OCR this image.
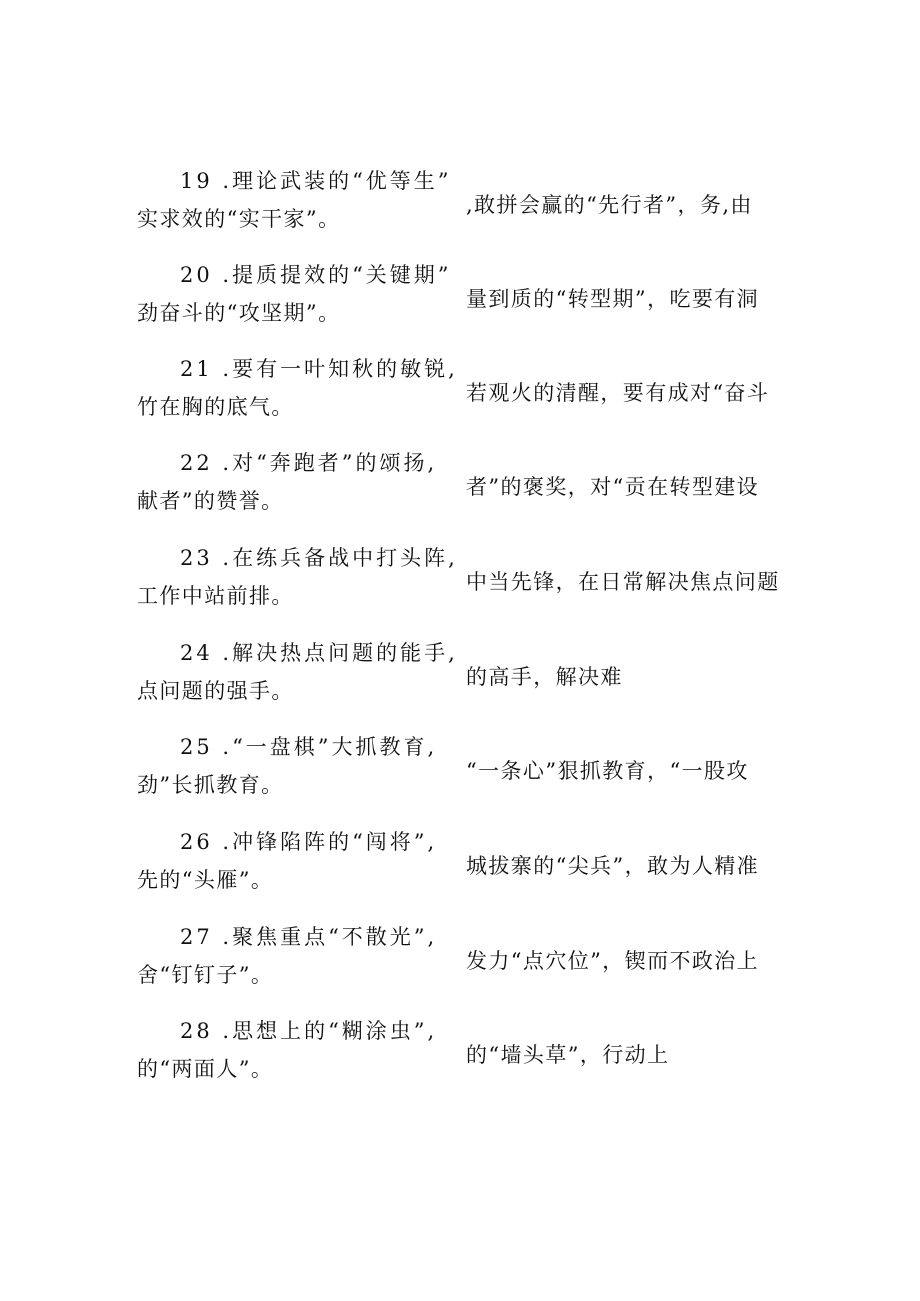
19 .理论武装的“优等生”
,敢拼会赢的“先行者”，务,由
实求效的“实干家”。
20 .提质提效的“关键期”
量到质的“转型期”，吃要有洞
劲奋斗的“攻坚期”。
21 .要有一叶知秋的敏锐,
若观火的清醒，要有成对“奋斗
竹在胸的底气。
22 .对“奔跑者”的颂扬,
者”的褒奖，对“贡在转型建设
献者”的赞誉。
23 .在练兵备战中打头阵,
中当先锋，在日常解决焦点问题
工作中站前排。
24 .解决热点问题的能手,
的高手，解决难
点问题的强手。
25 .“一盘棋”大抓教育,
“一条心”狠抓教育，“一股攻
劲”长抓教育。
26 .冲锋陷阵的“闯将”,
城拔寨的“尖兵”，敢为人精准
先的“头雁”。
27 .聚焦重点“不散光”,
发力“点穴位”，锲而不政治上
舍“钉钉子”。
28 .思想上的“糊涂虫”,
的“墙头草”，行动上
的“两面人”。
